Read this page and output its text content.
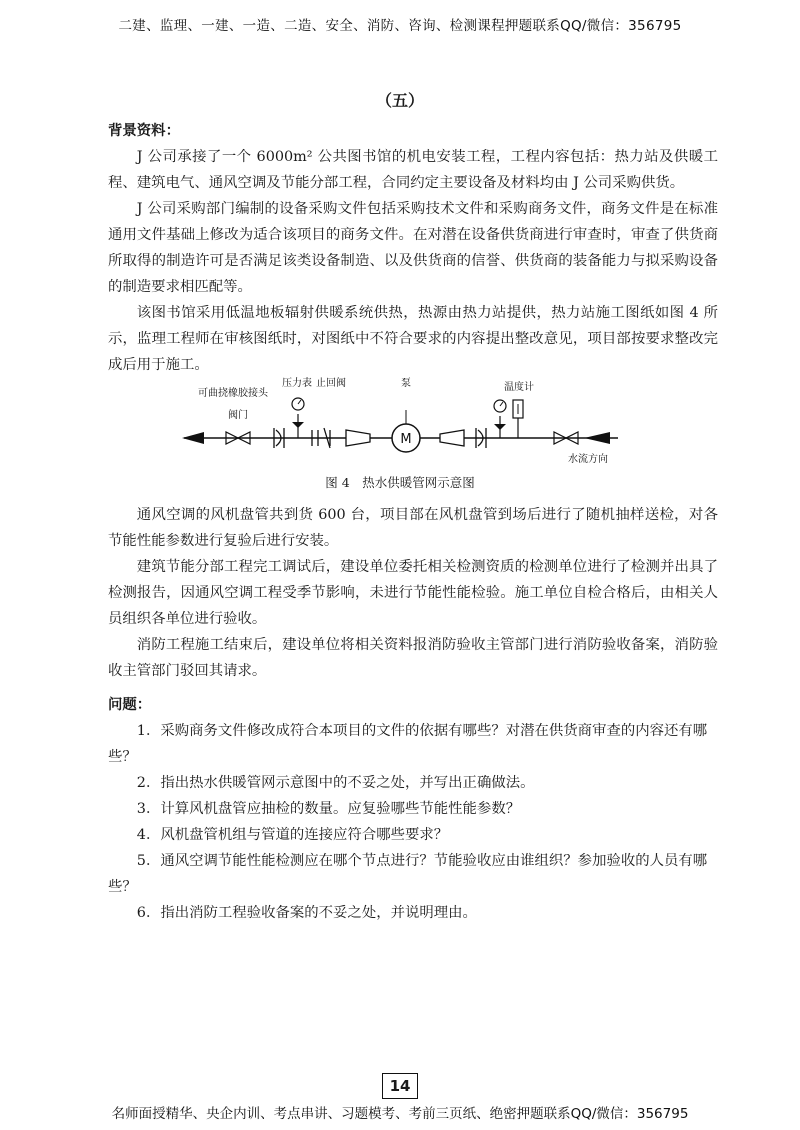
二建、监理、一建、一造、二造、安全、消防、咨询、检测课程押题联系QQ/微信：356795
（五）
背景资料：

J 公司承接了一个 6000m² 公共图书馆的机电安装工程，工程内容包括：热力站及供暖工程、建筑电气、通风空调及节能分部工程，合同约定主要设备及材料均由 J 公司采购供货。

J 公司采购部门编制的设备采购文件包括采购技术文件和采购商务文件，商务文件是在标准通用文件基础上修改为适合该项目的商务文件。在对潜在设备供货商进行审查时，审查了供货商所取得的制造许可是否满足该类设备制造、以及供货商的信誉、供货商的装备能力与拟采购设备的制造要求相匹配等。

该图书馆采用低温地板辐射供暖系统供热，热源由热力站提供，热力站施工图纸如图 4 所示，监理工程师在审核图纸时，对图纸中不符合要求的内容提出整改意见，项目部按要求整改完成后用于施工。

M
可曲挠橡胶接头
阀门
压力表 止回阀	泵	温度计
水流方向
图 4　热水供暖管网示意图

通风空调的风机盘管共到货 600 台，项目部在风机盘管到场后进行了随机抽样送检，对各节能性能参数进行复验后进行安装。

建筑节能分部工程完工调试后，建设单位委托相关检测资质的检测单位进行了检测并出具了检测报告，因通风空调工程受季节影响，未进行节能性能检验。施工单位自检合格后，由相关人员组织各单位进行验收。

消防工程施工结束后，建设单位将相关资料报消防验收主管部门进行消防验收备案，消防验收主管部门驳回其请求。

问题：

1．采购商务文件修改成符合本项目的文件的依据有哪些？对潜在供货商审查的内容还有哪些？

2．指出热水供暖管网示意图中的不妥之处，并写出正确做法。

3．计算风机盘管应抽检的数量。应复验哪些节能性能参数？

4．风机盘管机组与管道的连接应符合哪些要求？

5．通风空调节能性能检测应在哪个节点进行？节能验收应由谁组织？参加验收的人员有哪些？

6．指出消防工程验收备案的不妥之处，并说明理由。

14
名师面授精华、央企内训、考点串讲、习题模考、考前三页纸、绝密押题联系QQ/微信：356795
